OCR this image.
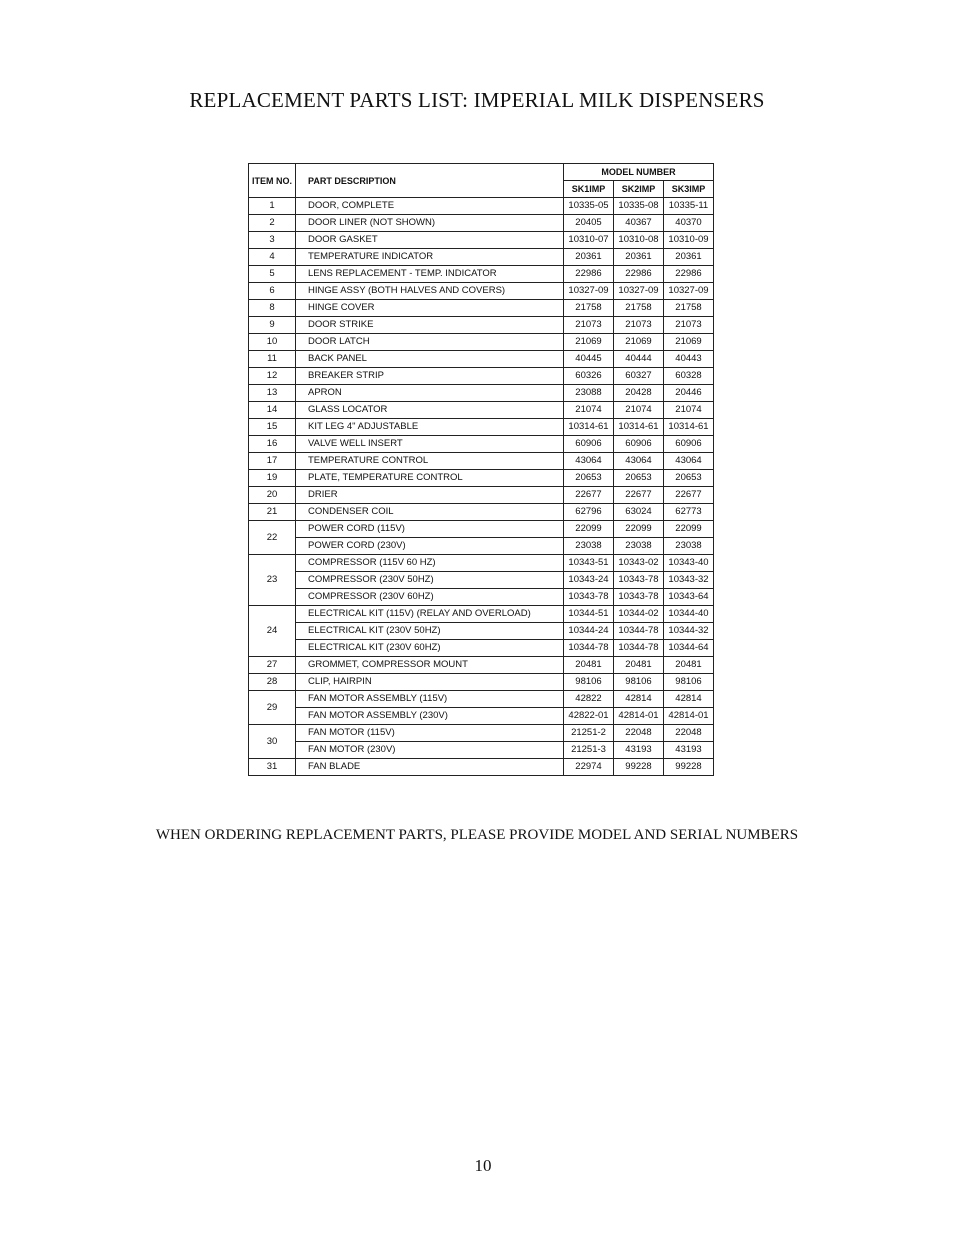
REPLACEMENT PARTS LIST: IMPERIAL MILK DISPENSERS
ITEM NO.	PART DESCRIPTION	MODEL NUMBER		
		SK1IMP	SK2IMP	SK3IMP
1	DOOR, COMPLETE	10335-05	10335-08	10335-11
2	DOOR LINER (NOT SHOWN)	20405	40367	40370
3	DOOR GASKET	10310-07	10310-08	10310-09
4	TEMPERATURE INDICATOR	20361	20361	20361
5	LENS REPLACEMENT - TEMP. INDICATOR	22986	22986	22986
6	HINGE ASSY (BOTH HALVES AND COVERS)	10327-09	10327-09	10327-09
8	HINGE COVER	21758	21758	21758
9	DOOR STRIKE	21073	21073	21073
10	DOOR LATCH	21069	21069	21069
11	BACK PANEL	40445	40444	40443
12	BREAKER STRIP	60326	60327	60328
13	APRON	23088	20428	20446
14	GLASS LOCATOR	21074	21074	21074
15	KIT LEG 4" ADJUSTABLE	10314-61	10314-61	10314-61
16	VALVE WELL INSERT	60906	60906	60906
17	TEMPERATURE CONTROL	43064	43064	43064
19	PLATE, TEMPERATURE CONTROL	20653	20653	20653
20	DRIER	22677	22677	22677
21	CONDENSER COIL	62796	63024	62773
22	POWER CORD (115V)	22099	22099	22099
	POWER CORD (230V)	23038	23038	23038
23	COMPRESSOR (115V 60 HZ)	10343-51	10343-02	10343-40
	COMPRESSOR (230V 50HZ)	10343-24	10343-78	10343-32
	COMPRESSOR (230V 60HZ)	10343-78	10343-78	10343-64
24	ELECTRICAL KIT (115V) (RELAY AND OVERLOAD)	10344-51	10344-02	10344-40
	ELECTRICAL KIT (230V 50HZ)	10344-24	10344-78	10344-32
	ELECTRICAL KIT (230V 60HZ)	10344-78	10344-78	10344-64
27	GROMMET, COMPRESSOR MOUNT	20481	20481	20481
28	CLIP, HAIRPIN	98106	98106	98106
29	FAN MOTOR ASSEMBLY (115V)	42822	42814	42814
	FAN MOTOR ASSEMBLY (230V)	42822-01	42814-01	42814-01
30	FAN MOTOR (115V)	21251-2	22048	22048
	FAN MOTOR (230V)	21251-3	43193	43193
31	FAN BLADE	22974	99228	99228
WHEN ORDERING REPLACEMENT PARTS, PLEASE PROVIDE MODEL AND SERIAL NUMBERS
10
